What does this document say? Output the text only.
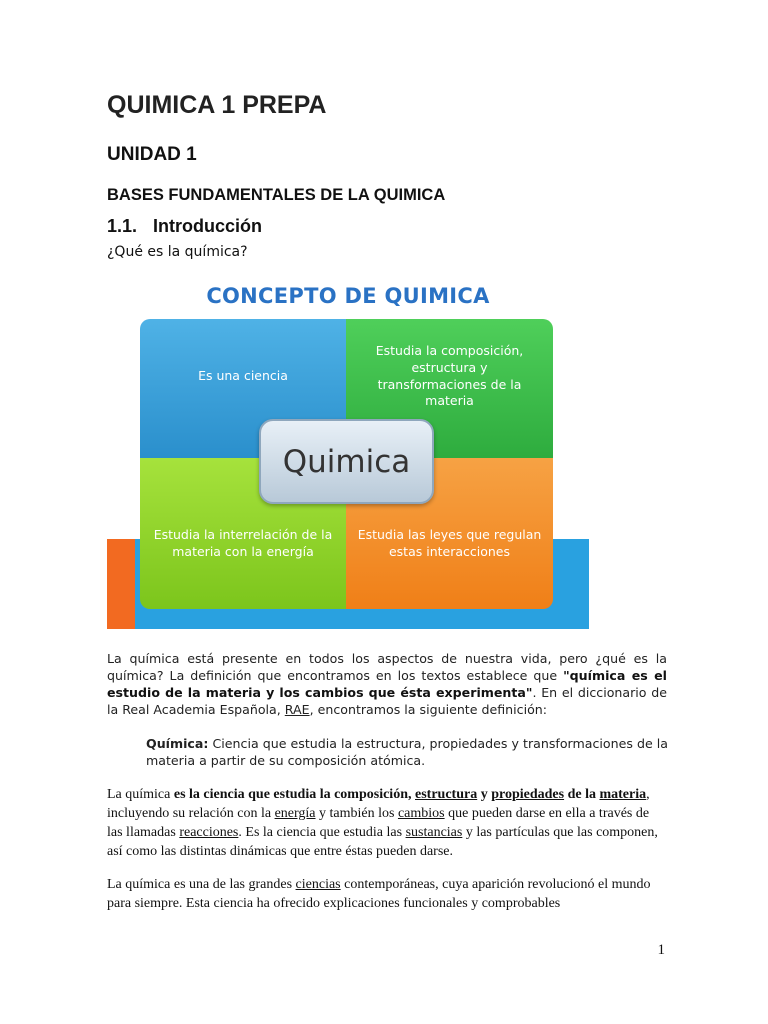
QUIMICA 1 PREPA
UNIDAD 1
BASES FUNDAMENTALES DE LA QUIMICA
1.1. Introducción
¿Qué es la química?
CONCEPTO DE QUIMICA
Es una ciencia
Estudia la composición, estructura y transformaciones de la materia
Estudia la interrelación de la materia con la energía
Estudia las leyes que regulan estas interacciones
Quimica

La química está presente en todos los aspectos de nuestra vida, pero ¿qué es la química? La definición que encontramos en los textos establece que "química es el estudio de la materia y los cambios que ésta experimenta". En el diccionario de la Real Academia Española, RAE, encontramos la siguiente definición:

Química: Ciencia que estudia la estructura, propiedades y transformaciones de la materia a partir de su composición atómica.

La química es la ciencia que estudia la composición, estructura y propiedades de la materia, incluyendo su relación con la energía y también los cambios que pueden darse en ella a través de las llamadas reacciones. Es la ciencia que estudia las sustancias y las partículas que las componen, así como las distintas dinámicas que entre éstas pueden darse.

La química es una de las grandes ciencias contemporáneas, cuya aparición revolucionó el mundo para siempre. Esta ciencia ha ofrecido explicaciones funcionales y comprobables

1
